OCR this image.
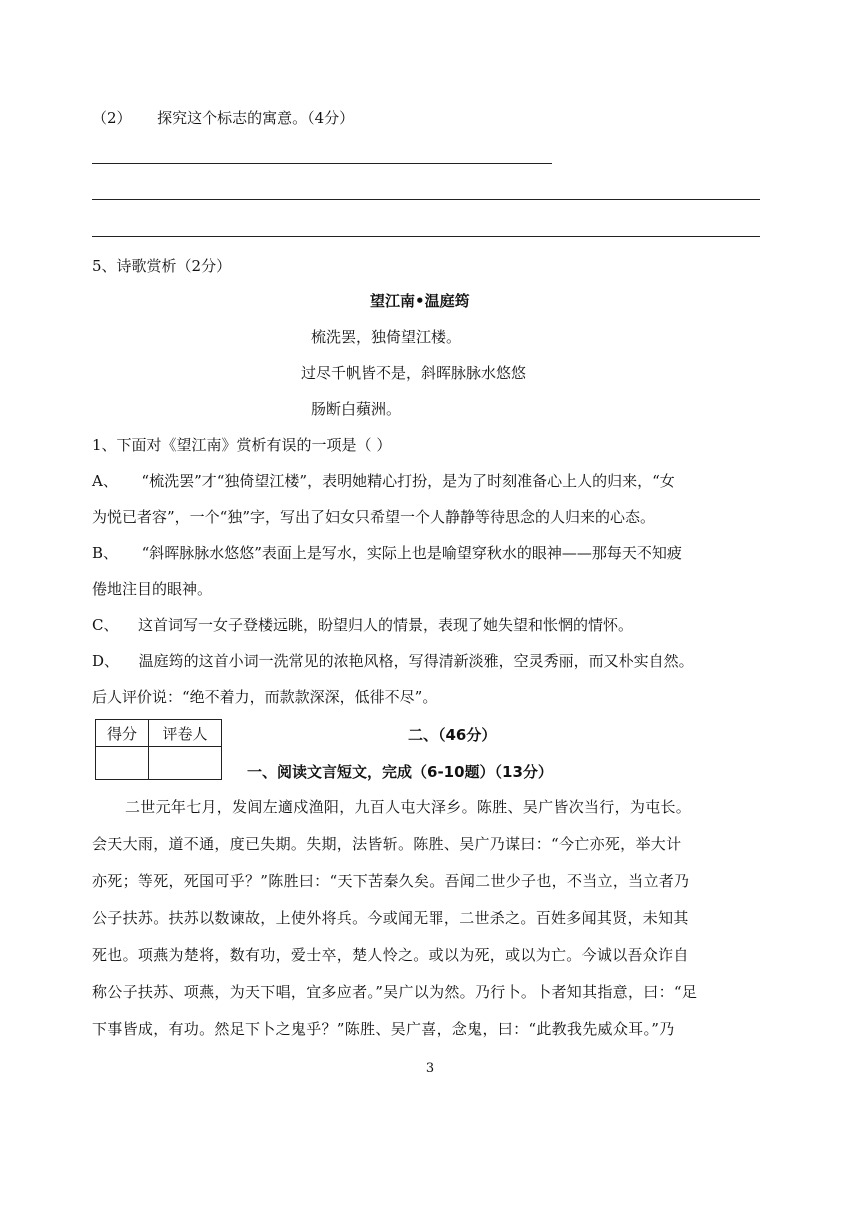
（2） 探究这个标志的寓意。（4分）
5、诗歌赏析（2分）
望江南•温庭筠
梳洗罢，独倚望江楼。
过尽千帆皆不是，斜晖脉脉水悠悠
肠断白蘋洲。
1、下面对《望江南》赏析有误的一项是（ ）
A、 “梳洗罢”才“独倚望江楼”，表明她精心打扮，是为了时刻准备心上人的归来，“女
为悦已者容”，一个“独”字，写出了妇女只希望一个人静静等待思念的人归来的心态。
B、 “斜晖脉脉水悠悠”表面上是写水，实际上也是喻望穿秋水的眼神——那每天不知疲
倦地注目的眼神。
C、 这首词写一女子登楼远眺，盼望归人的情景，表现了她失望和怅惘的情怀。
D、 温庭筠的这首小词一洗常见的浓艳风格，写得清新淡雅，空灵秀丽，而又朴实自然。
后人评价说：“绝不着力，而款款深深，低徘不尽”。
得分	评卷人
		二、（46分）
一、阅读文言短文，完成（6-10题）（13分）
二世元年七月，发闾左適戍渔阳，九百人屯大泽乡。陈胜、吴广皆次当行，为屯长。
会天大雨，道不通，度已失期。失期，法皆斩。陈胜、吴广乃谋曰：“今亡亦死，举大计
亦死；等死，死国可乎？”陈胜曰：“天下苦秦久矣。吾闻二世少子也，不当立，当立者乃
公子扶苏。扶苏以数谏故，上使外将兵。今或闻无罪，二世杀之。百姓多闻其贤，未知其
死也。项燕为楚将，数有功，爱士卒，楚人怜之。或以为死，或以为亡。今诚以吾众诈自
称公子扶苏、项燕，为天下唱，宜多应者。”吴广以为然。乃行卜。卜者知其指意，曰：“足
下事皆成，有功。然足下卜之鬼乎？”陈胜、吴广喜，念鬼，曰：“此教我先威众耳。”乃
3
